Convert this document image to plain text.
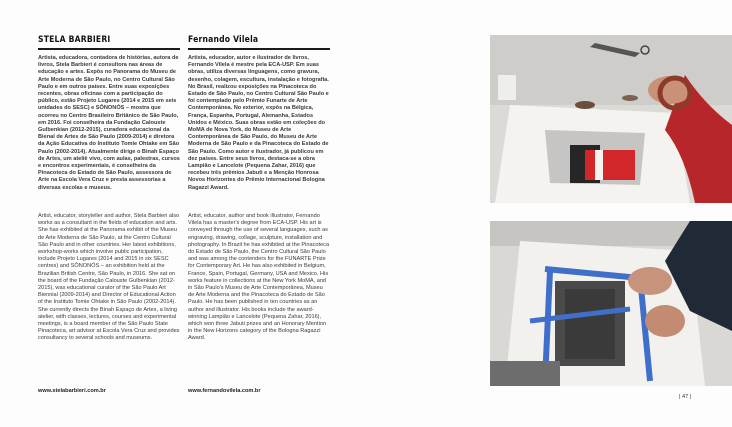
STELA BARBIERI

Artista, educadora, contadora de histórias, autora de livros, Stela Barbieri é consultora nas áreas de educação e artes. Expôs no Panorama do Museu de Arte Moderna de São Paulo, no Centro Cultural São Paulo e em outros países. Entre suas exposições recentes, obras oficinas com a participação do público, estão Projeto Lugares (2014 e 2015 em seis unidades do SESC) e SÔNONÓS – mostra que ocorreu no Centro Brasileiro Britânico de São Paulo, em 2016. Foi conselheira da Fundação Calouste Gulbenkian (2012-2015), curadora educacional da Bienal de Artes de São Paulo (2009-2014) e diretora da Ação Educativa do Instituto Tomie Ohtake em São Paulo (2002-2014). Atualmente dirige o Binah Espaço de Artes, um ateliê vivo, com aulas, palestras, cursos e encontros experimentais, é conselheira da Pinacoteca do Estado de São Paulo, assessora de Arte na Escola Vera Cruz e presta assessorias a diversas escolas e museus.

Artist, educator, storyteller and author, Stela Barbieri also works as a consultant in the fields of education and arts. She has exhibited at the Panorama exhibit of the Museu de Arte Moderna de São Paulo, at the Centro Cultural São Paulo and in other countries. Her latest exhibitions, workshop-works which involve public participation, include Projeto Lugares (2014 and 2015 in six SESC centres) and SÔNONÓS – an exhibition held at the Brazilian British Centre, São Paulo, in 2016. She sat on the board of the Fundação Calouste Gulbenkian (2012-2015), was educational curator of the São Paulo Art Biennial (2009-2014) and Director of Educational Action of the Instituto Tomie Ohtake in São Paulo (2002-2014). She currently directs the Binah Espaço de Artes, a living atelier, with classes, lectures, courses and experimental meetings, is a board member of the São Paulo State Pinacoteca, art advisor at Escola Vera Cruz and provides consultancy to several schools and museums.

www.stelabarbieri.com.br
Fernando Vilela

Artista, educador, autor e ilustrador de livros, Fernando Vilela é mestre pela ECA-USP. Em suas obras, utiliza diversas linguagens, como gravura, desenho, colagem, escultura, instalação e fotografia. No Brasil, realizou exposições na Pinacoteca do Estado de São Paulo, no Centro Cultural São Paulo e foi contemplado pelo Prêmio Funarte de Arte Contemporânea. No exterior, expôs na Bélgica, França, Espanha, Portugal, Alemanha, Estados Unidos e México. Suas obras estão em coleções do MoMA de Nova York, do Museu de Arte Contemporânea de São Paulo, do Museu de Arte Moderna de São Paulo e da Pinacoteca do Estado de São Paulo. Como autor e ilustrador, já publicou em dez países. Entre seus livros, destaca-se a obra Lampião e Lancelote (Pequena Zahar, 2016) que recebeu três prêmios Jabuti e a Menção Honrosa Novos Horizontes do Prêmio Internacional Bologna Ragazzi Award.

Artist, educator, author and book illustrator, Fernando Vilela has a master's degree from ECA-USP. His art is conveyed through the use of several languages, such as engraving, drawing, collage, sculpture, installation and photography. In Brazil he has exhibited at the Pinacoteca do Estado de São Paulo, the Centro Cultural São Paulo and was among the contenders for the FUNARTE Prize for Contemporary Art. He has also exhibited in Belgium, France, Spain, Portugal, Germany, USA and Mexico. His works feature in collections at the New York MoMA, and in São Paulo's Museu de Arte Contemporânea, Museu de Arte Moderna and the Pinacoteca do Estado de São Paulo. He has been published in ten countries as an author and illustrator. His books include the award-winning Lampião e Lancelote (Pequena Zahar, 2016), which won three Jabuti prizes and an Honorary Mention in the New Horizons category of the Bologna Ragazzi Award.

www.fernandovilela.com.br
| 47 |
